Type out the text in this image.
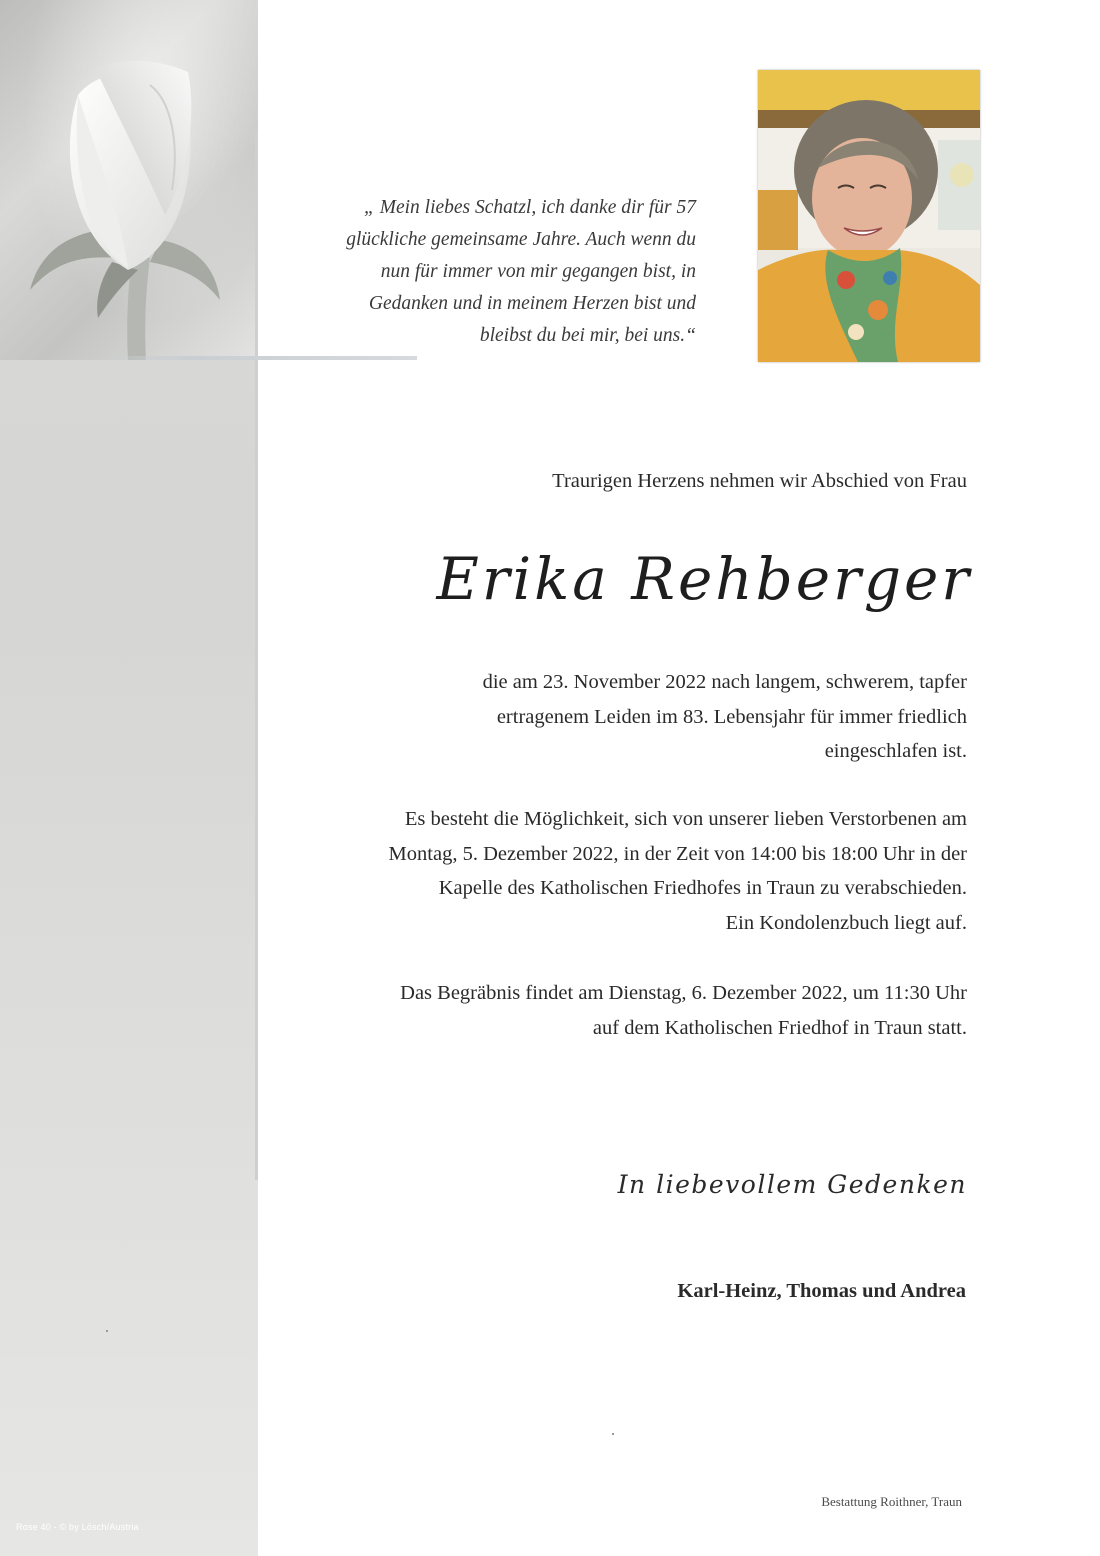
Rose 40 - © by Lösch/Austria
„ Mein liebes Schatzl, ich danke dir für 57
glückliche gemeinsame Jahre. Auch wenn du
nun für immer von mir gegangen bist, in
Gedanken und in meinem Herzen bist und
bleibst du bei mir, bei uns.“
Traurigen Herzens nehmen wir Abschied von Frau
Erika Rehberger
die am 23. November 2022 nach langem, schwerem, tapfer
ertragenem Leiden im 83. Lebensjahr für immer friedlich
eingeschlafen ist.
Es besteht die Möglichkeit, sich von unserer lieben Verstorbenen am
Montag, 5. Dezember 2022, in der Zeit von 14:00 bis 18:00 Uhr in der
Kapelle des Katholischen Friedhofes in Traun zu verabschieden.
Ein Kondolenzbuch liegt auf.
Das Begräbnis findet am Dienstag, 6. Dezember 2022, um 11:30 Uhr
auf dem Katholischen Friedhof in Traun statt.
In liebevollem Gedenken
Karl-Heinz, Thomas und Andrea
Bestattung Roithner, Traun
